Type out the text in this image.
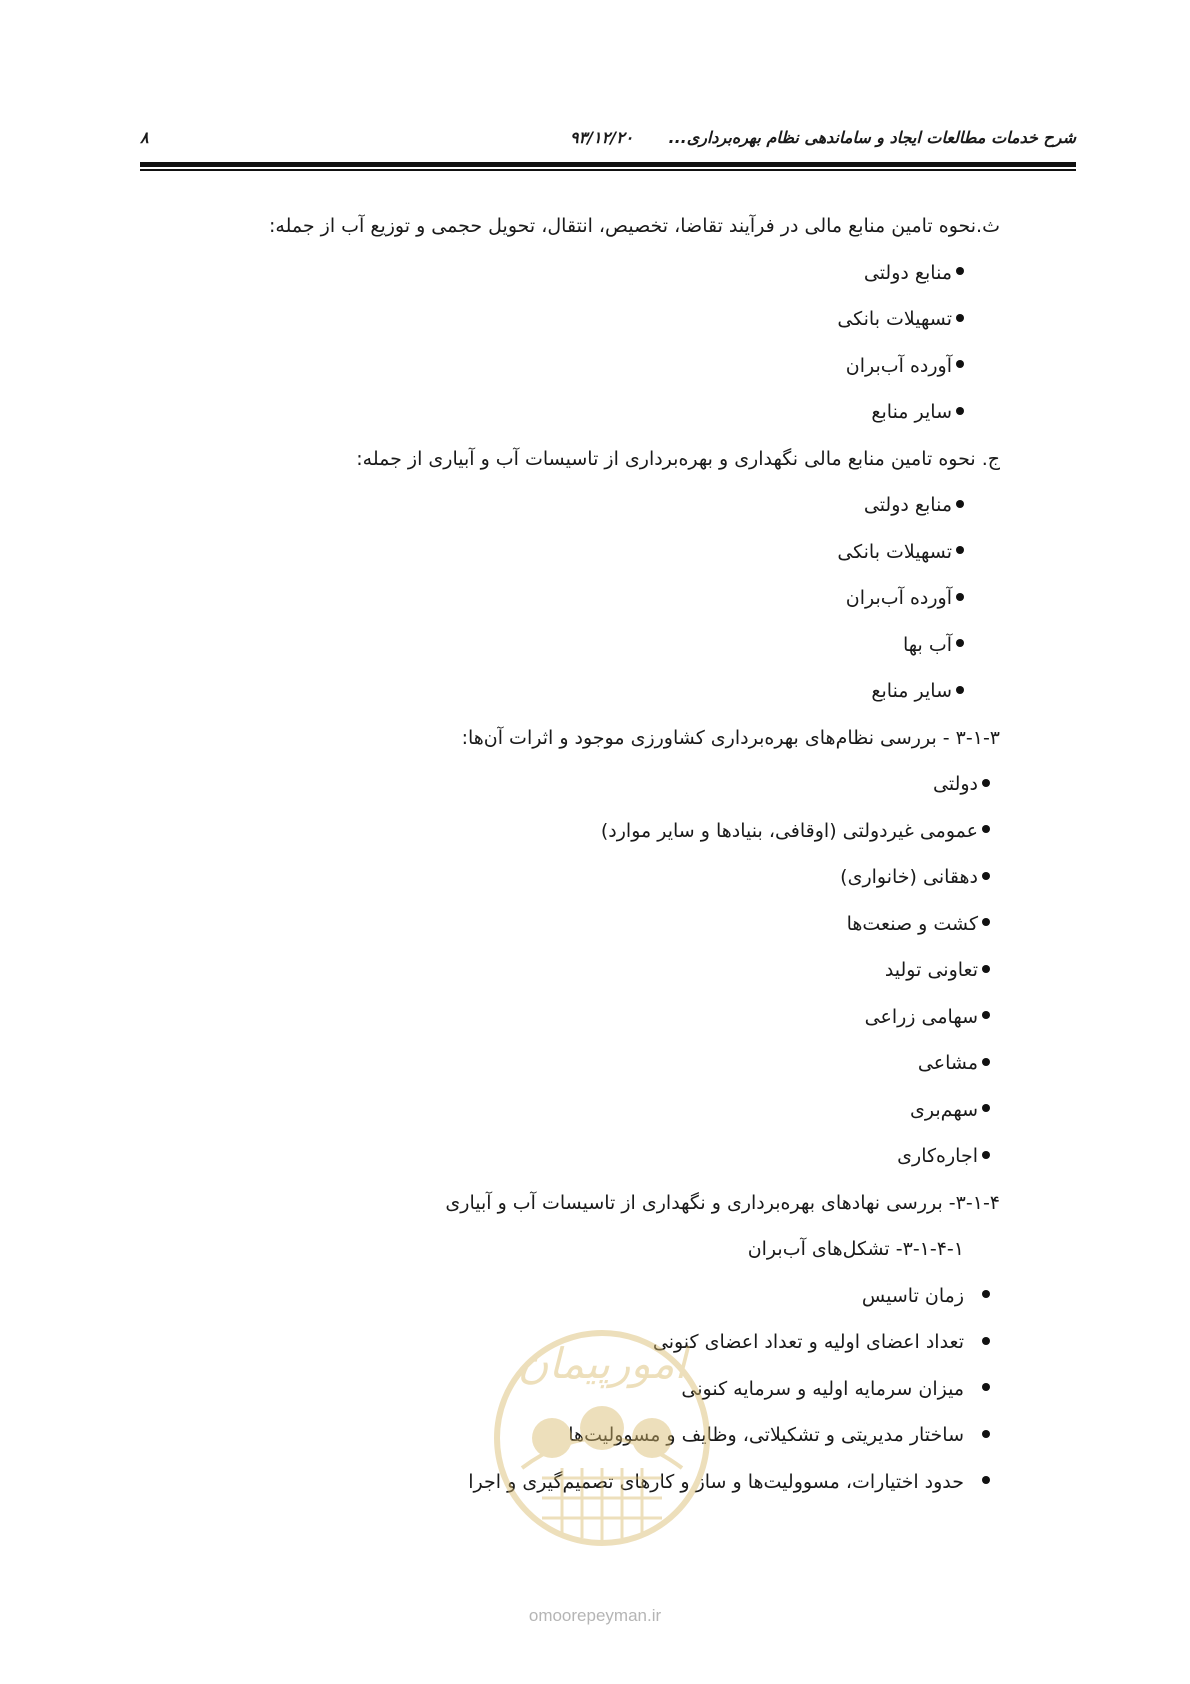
شرح خدمات مطالعات ایجاد و ساماندهی نظام بهره‌برداری...
۹۳/۱۲/۲۰
۸
ث.نحوه تامین منابع مالی در فرآیند تقاضا، تخصیص، انتقال، تحویل حجمی و توزیع آب از جمله:
منابع دولتی
تسهیلات بانکی
آورده آب‌بران
سایر منابع
ج. نحوه تامین منابع مالی نگهداری و بهره‌برداری از تاسیسات آب و آبیاری از جمله:
منابع دولتی
تسهیلات بانکی
آورده آب‌بران
آب بها
سایر منابع
۳-۱-۳ - بررسی نظام‌های بهره‌برداری کشاورزی موجود و اثرات آن‌ها:
دولتی
عمومی غیردولتی (اوقافی، بنیادها و سایر موارد)
دهقانی (خانواری)
کشت و صنعت‌ها
تعاونی تولید
سهامی زراعی
مشاعی
سهم‌بری
اجاره‌کاری
۳-۱-۴- بررسی نهادهای بهره‌برداری و نگهداری از تاسیسات آب و آبیاری
۳-۱-۴-۱- تشکل‌های آب‌بران
زمان تاسیس
تعداد اعضای اولیه و تعداد اعضای کنونی
میزان سرمایه اولیه و سرمایه کنونی
ساختار مدیریتی و تشکیلاتی، وظایف و مسوولیت‌ها
حدود اختیارات، مسوولیت‌ها و ساز و کارهای تصمیم‌گیری و اجرا
امورپیمان
omoorepeyman.ir
